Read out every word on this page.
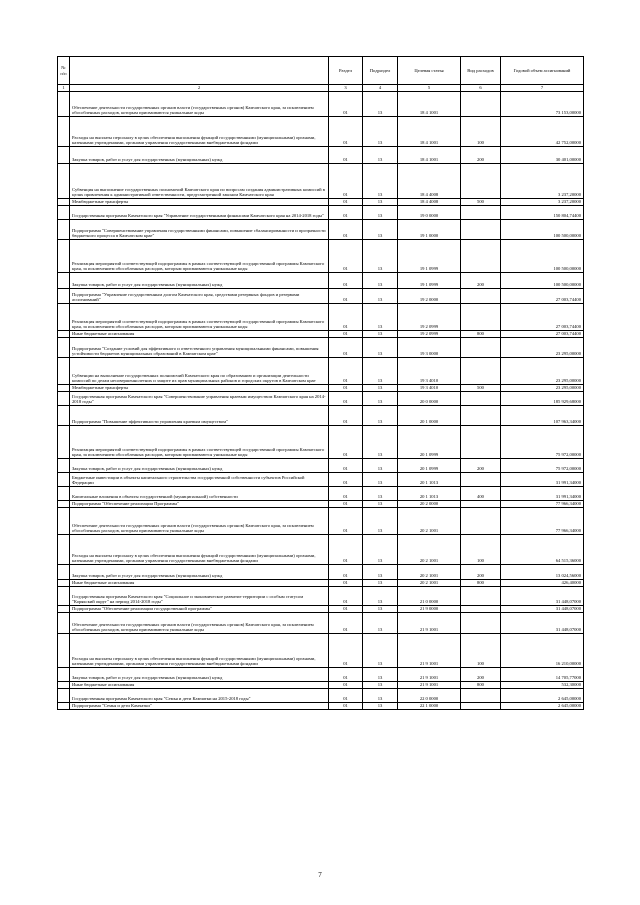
№ п/п		Раздел	Подраздел	Целевая статья	Вид расходов	Годовой объем ассигнований
1	2	3	4	5	6	7
	Обеспечение деятельности государственных органов власти (государственных органов) Камчатского края, за исключением обособленных расходов, которым присваиваются уникальные коды	01	13	18 4 1001		73 153,00000
	Расходы на выплаты персоналу в целях обеспечения выполнения функций государственными (муниципальными) органами, казенными учреждениями, органами управления государственными внебюджетными фондами	01	13	18 4 1001	100	42 752,00000
	Закупка товаров, работ и услуг для государственных (муниципальных) нужд	01	13	18 4 1001	200	30 401,00000
	Субвенция на выполнение государственных полномочий Камчатского края по вопросам создания административных комиссий в целях привлечения к административной ответственности, предусмотренной законом Камчатского края	01	13	18 4 4008		3 237,20000
	Межбюджетные трансферты	01	13	18 4 4008	500	3 237,20000
	Государственная программа Камчатского края "Управление государственными финансами Камчатского края на 2014-2018 годы"	01	13	19 0 0000		150 804,74400
	Подпрограмма "Совершенствование управления государственными финансами, повышение сбалансированности и прозрачности бюджетного процесса в Камчатском крае"	01	13	19 1 0000		100 500,00000
	Реализация мероприятий соответствующей подпрограммы в рамках соответствующей государственной программы Камчатского края, за исключением обособленных расходов, которым присваиваются уникальные коды	01	13	19 1 0999		100 500,00000
	Закупка товаров, работ и услуг для государственных (муниципальных) нужд	01	13	19 1 0999	200	100 500,00000
	Подпрограмма "Управление государственным долгом Камчатского края, средствами резервных фондов и резервами ассигнований"	01	13	19 2 0000		27 003,74400
	Реализация мероприятий соответствующей подпрограммы в рамках соответствующей государственной программы Камчатского края, за исключением обособленных расходов, которым присваиваются уникальные коды	01	13	19 2 0999		27 003,74400
	Иные бюджетные ассигнования	01	13	19 2 0999	800	27 003,74400
	Подпрограмма "Создание условий для эффективного и ответственного управления муниципальными финансами, повышения устойчивости бюджетов муниципальных образований в Камчатском крае"	01	13	19 3 0000		23 295,00000
	Субвенции на выполнение государственных полномочий Камчатского края по образованию и организации деятельности комиссий по делам несовершеннолетних и защите их прав муниципальных районов и городских округов в Камчатском крае	01	13	19 3 4010		23 295,00000
	Межбюджетные трансферты	01	13	19 3 4010	500	23 295,00000
	Государственная программа Камчатского края "Совершенствование управления краевым имуществом Камчатского края на 2014-2018 годы"	01	13	20 0 0000		185 929,68000
	Подпрограмма "Повышение эффективности управления краевым имуществом"	01	13	20 1 0000		107 963,34000
	Реализация мероприятий соответствующей подпрограммы в рамках соответствующей государственной программы Камчатского края, за исключением обособленных расходов, которым присваиваются уникальные коды	01	13	20 1 0999		75 972,00000
	Закупка товаров, работ и услуг для государственных (муниципальных) нужд	01	13	20 1 0999	200	75 972,00000
	Бюджетные инвестиции в объекты капитального строительства государственной собственности субъектов Российской Федерации	01	13	20 1 1013		31 991,34000
	Капитальные вложения в объекты государственной (муниципальной) собственности	01	13	20 1 1013	400	31 991,34000
	Подпрограмма "Обеспечение реализации Программы"	01	13	20 2 0000		77 966,34000
	Обеспечение деятельности государственных органов власти (государственных органов) Камчатского края, за исключением обособленных расходов, которым присваиваются уникальные коды	01	13	20 2 1001		77 966,34000
	Расходы на выплаты персоналу в целях обеспечения выполнения функций государственными (муниципальными) органами, казенными учреждениями, органами управления государственными внебюджетными фондами	01	13	20 2 1001	100	64 515,36000
	Закупка товаров, работ и услуг для государственных (муниципальных) нужд	01	13	20 2 1001	200	13 024,56000
	Иные бюджетные ассигнования	01	13	20 2 1001	800	426,40000
	Государственная программа Камчатского края "Социальное и экономическое развитие территории с особым статусом "Корякский округ" на период 2014-2018 годы"	01	13	21 0 0000		31 448,07000
	Подпрограмма "Обеспечение реализации государственной программы"	01	13	21 9 0000		31 448,07000
	Обеспечение деятельности государственных органов власти (государственных органов) Камчатского края, за исключением обособленных расходов, которым присваиваются уникальные коды	01	13	21 9 1001		31 448,07000
	Расходы на выплаты персоналу в целях обеспечения выполнения функций государственными (муниципальными) органами, казенными учреждениями, органами управления государственными внебюджетными фондами	01	13	21 9 1001	100	16 210,00000
	Закупка товаров, работ и услуг для государственных (муниципальных) нужд	01	13	21 9 1001	200	14 705,77000
	Иные бюджетные ассигнования	01	13	21 9 1001	800	532,30000
	Государственная программа Камчатского края "Семья и дети Камчатки на 2015-2018 годы"	01	13	22 0 0000		2 645,00000
	Подпрограмма "Семья и дети Камчатки"	01	13	22 1 0000		2 645,00000
7
